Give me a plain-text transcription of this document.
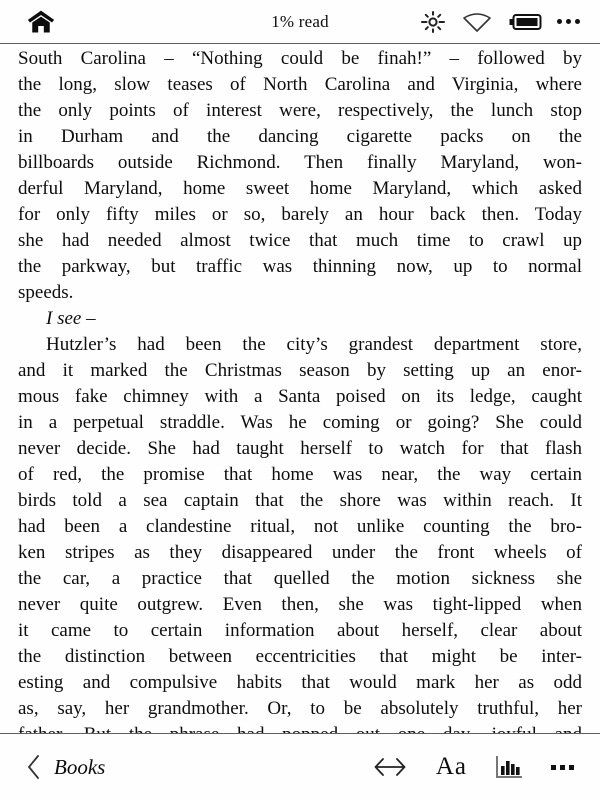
1% read
South Carolina – “Nothing could be finah!” – followed by
the long, slow teases of North Carolina and Virginia, where
the only points of interest were, respectively, the lunch stop
in Durham and the dancing cigarette packs on the
billboards outside Richmond. Then finally Maryland, won-
derful Maryland, home sweet home Maryland, which asked
for only fifty miles or so, barely an hour back then. Today
she had needed almost twice that much time to crawl up
the parkway, but traffic was thinning now, up to normal
speeds.
I see –
Hutzler’s had been the city’s grandest department store,
and it marked the Christmas season by setting up an enor-
mous fake chimney with a Santa poised on its ledge, caught
in a perpetual straddle. Was he coming or going? She could
never decide. She had taught herself to watch for that flash
of red, the promise that home was near, the way certain
birds told a sea captain that the shore was within reach. It
had been a clandestine ritual, not unlike counting the bro-
ken stripes as they disappeared under the front wheels of
the car, a practice that quelled the motion sickness she
never quite outgrew. Even then, she was tight-lipped when
it came to certain information about herself, clear about
the distinction between eccentricities that might be inter-
esting and compulsive habits that would mark her as odd
as, say, her grandmother. Or, to be absolutely truthful, her
Books	Aa
